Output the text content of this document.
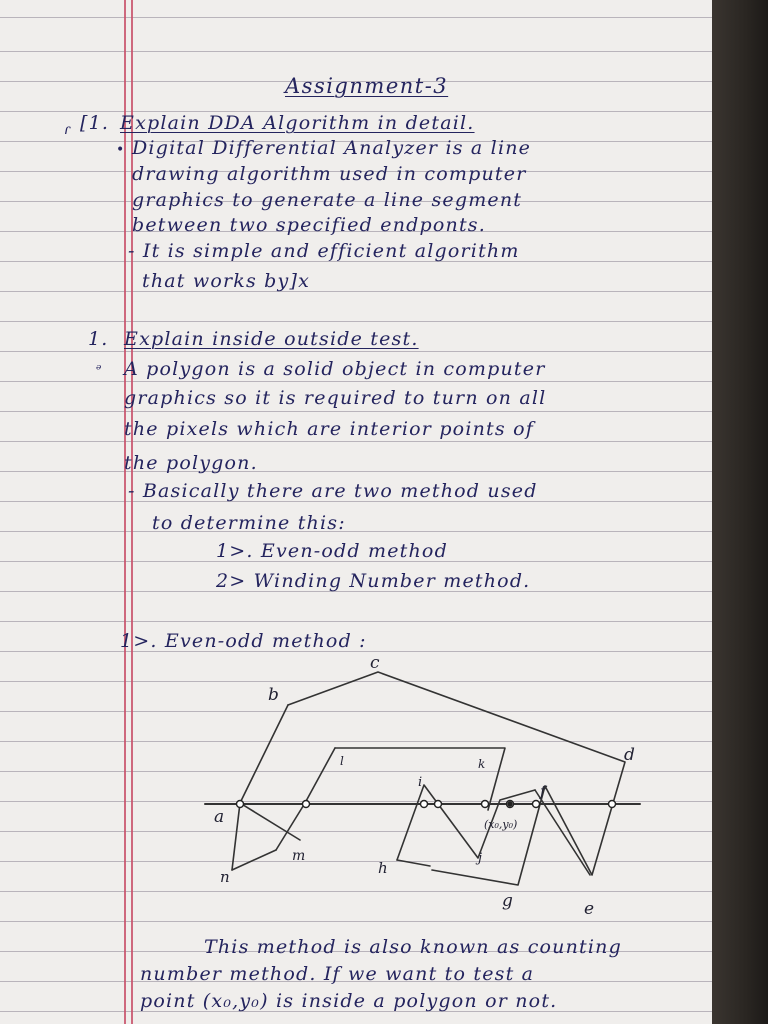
Assignment-3
ɾ [1. Explain DDA Algorithm in detail.
• Digital Differential Analyzer is a line
drawing algorithm used in computer
graphics to generate a line segment
between two specified endponts.
- It is simple and efficient algorithm
that works by]x
1. Explain inside outside test.
ᵊ A polygon is a solid object in computer
graphics so it is required to turn on all
the pixels which are interior points of
the polygon.
- Basically there are two method used
to determine this:
1>. Even-odd method
2> Winding Number method.
1>. Even-odd method :
c
b
d
l	k
i
f
a	(x₀,y₀)
j
m
h
n
g	e
This method is also known as counting
number method. If we want to test a
point (x₀,y₀) is inside a polygon or not.
